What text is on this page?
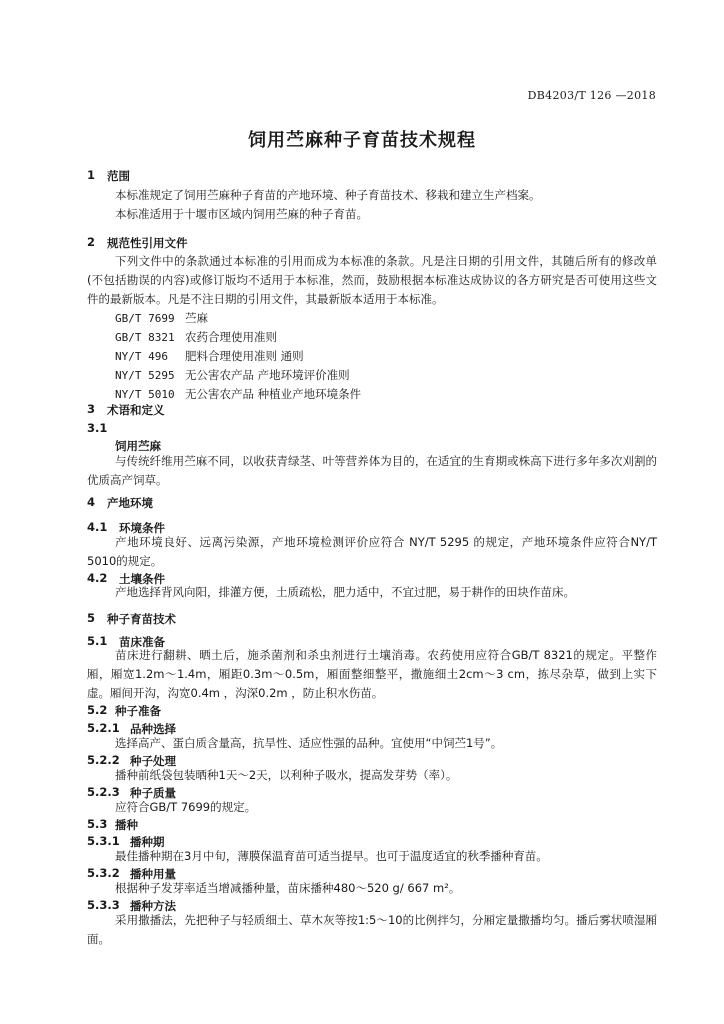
DB4203/T 126 —2018
饲用苎麻种子育苗技术规程
1 范围
本标准规定了饲用苎麻种子育苗的产地环境、种子育苗技术、移栽和建立生产档案。
本标准适用于十堰市区域内饲用苎麻的种子育苗。
2 规范性引用文件
下列文件中的条款通过本标准的引用而成为本标准的条款。凡是注日期的引用文件，其随后所有的修改单(不包括勘误的内容)或修订版均不适用于本标准，然而，鼓励根据本标准达成协议的各方研究是否可使用这些文件的最新版本。凡是不注日期的引用文件，其最新版本适用于本标准。
GB/T 7699 苎麻
GB/T 8321 农药合理使用准则
NY/T 496 肥料合理使用准则 通则
NY/T 5295 无公害农产品 产地环境评价准则
NY/T 5010 无公害农产品 种植业产地环境条件
3 术语和定义
3.1
饲用苎麻
与传统纤维用苎麻不同，以收获青绿茎、叶等营养体为目的，在适宜的生育期或株高下进行多年多次刈割的优质高产饲草。
4 产地环境
4.1 环境条件
产地环境良好、远离污染源，产地环境检测评价应符合 NY/T 5295 的规定，产地环境条件应符合NY/T 5010的规定。
4.2 土壤条件
产地选择背风向阳，排灌方便，土质疏松，肥力适中，不宜过肥，易于耕作的田块作苗床。
5 种子育苗技术
5.1 苗床准备
苗床进行翻耕、晒土后，施杀菌剂和杀虫剂进行土壤消毒。农药使用应符合GB/T 8321的规定。平整作厢，厢宽1.2m～1.4m，厢距0.3m～0.5m，厢面整细整平，撒施细土2cm～3 cm，拣尽杂草，做到上实下虚。厢间开沟，沟宽0.4m ，沟深0.2m ，防止积水伤苗。
5.2 种子准备
5.2.1 品种选择
选择高产、蛋白质含量高，抗旱性、适应性强的品种。宜使用“中饲苎1号”。
5.2.2 种子处理
播种前纸袋包装晒种1天～2天，以利种子吸水，提高发芽势（率）。
5.2.3 种子质量
应符合GB/T 7699的规定。
5.3 播种
5.3.1 播种期
最佳播种期在3月中旬，薄膜保温育苗可适当提早。也可于温度适宜的秋季播种育苗。
5.3.2 播种用量
根据种子发芽率适当增减播种量，苗床播种480～520 g/ 667 m²。
5.3.3 播种方法
采用撒播法，先把种子与轻质细土、草木灰等按1:5～10的比例拌匀，分厢定量撒播均匀。播后雾状喷湿厢面。
